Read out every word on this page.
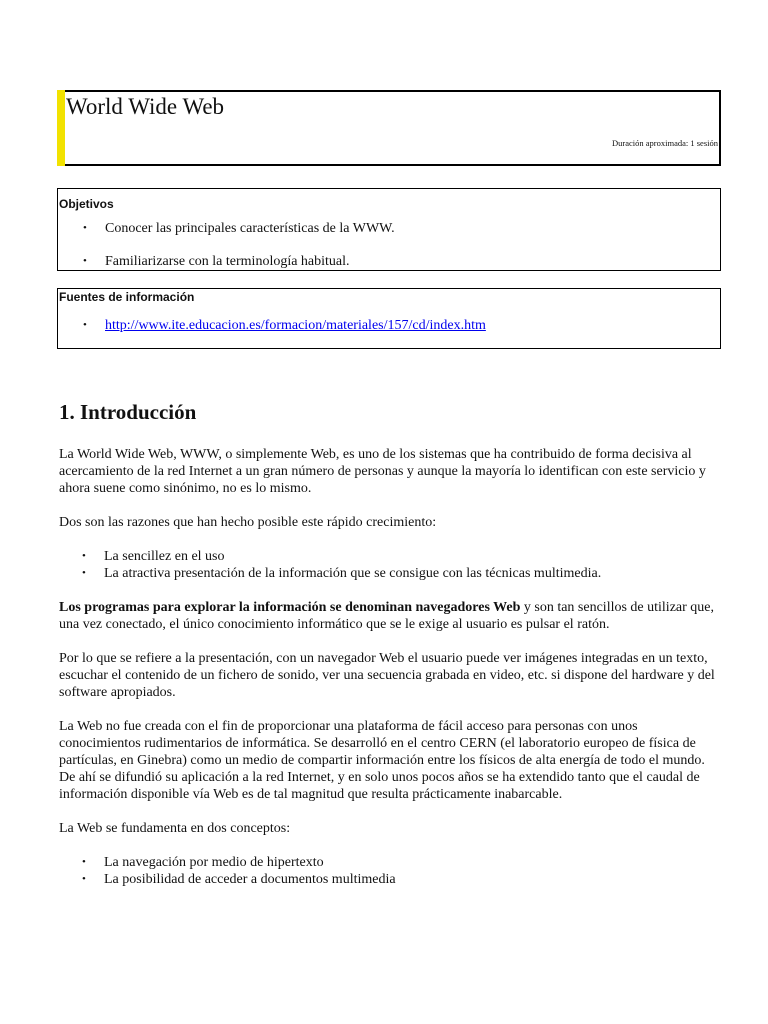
World Wide Web
Duración aproximada: 1 sesión
Objetivos
• Conocer las principales características de la WWW.
• Familiarizarse con la terminología habitual.
Fuentes de información
• http://www.ite.educacion.es/formacion/materiales/157/cd/index.htm
1. Introducción

La World Wide Web, WWW, o simplemente Web, es uno de los sistemas que ha contribuido de forma decisiva al acercamiento de la red Internet a un gran número de personas y aunque la mayoría lo identifican con este servicio y ahora suene como sinónimo, no es lo mismo.

Dos son las razones que han hecho posible este rápido crecimiento:

• La sencillez en el uso
• La atractiva presentación de la información que se consigue con las técnicas multimedia.

Los programas para explorar la información se denominan navegadores Web y son tan sencillos de utilizar que, una vez conectado, el único conocimiento informático que se le exige al usuario es pulsar el ratón.

Por lo que se refiere a la presentación, con un navegador Web el usuario puede ver imágenes integradas en un texto, escuchar el contenido de un fichero de sonido, ver una secuencia grabada en video, etc. si dispone del hardware y del software apropiados.

La Web no fue creada con el fin de proporcionar una plataforma de fácil acceso para personas con unos conocimientos rudimentarios de informática. Se desarrolló en el centro CERN (el laboratorio europeo de física de partículas, en Ginebra) como un medio de compartir información entre los físicos de alta energía de todo el mundo. De ahí se difundió su aplicación a la red Internet, y en solo unos pocos años se ha extendido tanto que el caudal de información disponible vía Web es de tal magnitud que resulta prácticamente inabarcable.

La Web se fundamenta en dos conceptos:

• La navegación por medio de hipertexto
• La posibilidad de acceder a documentos multimedia
